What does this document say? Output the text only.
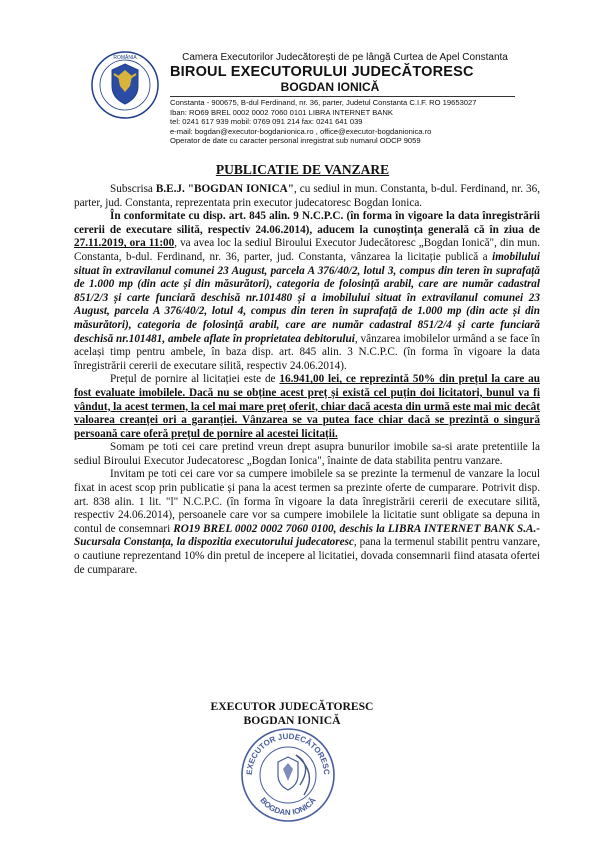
ROMÂNIA	Camera Executorilor Judecătorești de pe lângă Curtea de Apel Constanta
BIROUL EXECUTORULUI JUDECĂTORESC
BOGDAN IONICĂ
Constanta - 900675, B-dul Ferdinand, nr. 36, parter, Judetul Constanta C.I.F. RO 19653027
Iban: RO69 BREL 0002 0002 7060 0101 LIBRA INTERNET BANK
tel: 0241 617 939 mobil: 0769 091 214 fax: 0241 641 039
e-mail: bogdan@executor-bogdanionica.ro , office@executor-bogdanionica.ro
Operator de date cu caracter personal inregistrat sub numarul ODCP 9059
PUBLICATIE DE VANZARE

Subscrisa B.E.J. "BOGDAN IONICA", cu sediul in mun. Constanta, b-dul. Ferdinand, nr. 36, parter, jud. Constanta, reprezentata prin executor judecatoresc Bogdan Ionica.

În conformitate cu disp. art. 845 alin. 9 N.C.P.C. (în forma în vigoare la data înregistrării cererii de executare silită, respectiv 24.06.2014), aducem la cunoștința generală că în ziua de 27.11.2019, ora 11:00, va avea loc la sediul Biroului Executor Judecătoresc „Bogdan Ionică", din mun. Constanta, b-dul. Ferdinand, nr. 36, parter, jud. Constanta, vânzarea la licitație publică a imobilului situat în extravilanul comunei 23 August, parcela A 376/40/2, lotul 3, compus din teren în suprafață de 1.000 mp (din acte și din măsurători), categoria de folosință arabil, care are număr cadastral 851/2/3 și carte funciară deschisă nr.101480 și a imobilului situat în extravilanul comunei 23 August, parcela A 376/40/2, lotul 4, compus din teren în suprafață de 1.000 mp (din acte și din măsurători), categoria de folosință arabil, care are număr cadastral 851/2/4 și carte funciară deschisă nr.101481, ambele aflate în proprietatea debitorului, vânzarea imobilelor urmând a se face în același timp pentru ambele, în baza disp. art. 845 alin. 3 N.C.P.C. (în forma în vigoare la data înregistrării cererii de executare silită, respectiv 24.06.2014).

Prețul de pornire al licitației este de 16.941,00 lei, ce reprezintă 50% din prețul la care au fost evaluate imobilele. Dacă nu se obține acest preț și există cel puțin doi licitatori, bunul va fi vândut, la acest termen, la cel mai mare preț oferit, chiar dacă acesta din urmă este mai mic decât valoarea creanței ori a garanției. Vânzarea se va putea face chiar dacă se prezintă o singură persoană care oferă prețul de pornire al acestei licitații.

Somam pe toti cei care pretind vreun drept asupra bunurilor imobile sa-si arate pretentiile la sediul Biroului Executor Judecatoresc „Bogdan Ionica", înainte de data stabilita pentru vanzare.

Invitam pe toti cei care vor sa cumpere imobilele sa se prezinte la termenul de vanzare la locul fixat in acest scop prin publicatie și pana la acest termen sa prezinte oferte de cumparare. Potrivit disp. art. 838 alin. 1 lit. "l" N.C.P.C. (în forma în vigoare la data înregistrării cererii de executare silită, respectiv 24.06.2014), persoanele care vor sa cumpere imobilele la licitatie sunt obligate sa depuna in contul de consemnari RO19 BREL 0002 0002 7060 0100, deschis la LIBRA INTERNET BANK S.A.-Sucursala Constanța, la dispozitia executorului judecatoresc, pana la termenul stabilit pentru vanzare, o cautiune reprezentand 10% din pretul de incepere al licitatiei, dovada consemnarii fiind atasata ofertei de cumparare.

EXECUTOR JUDECĂTORESC
BOGDAN IONICĂ
EXECUTOR JUDECĂTORESC
BOGDAN IONICĂ
